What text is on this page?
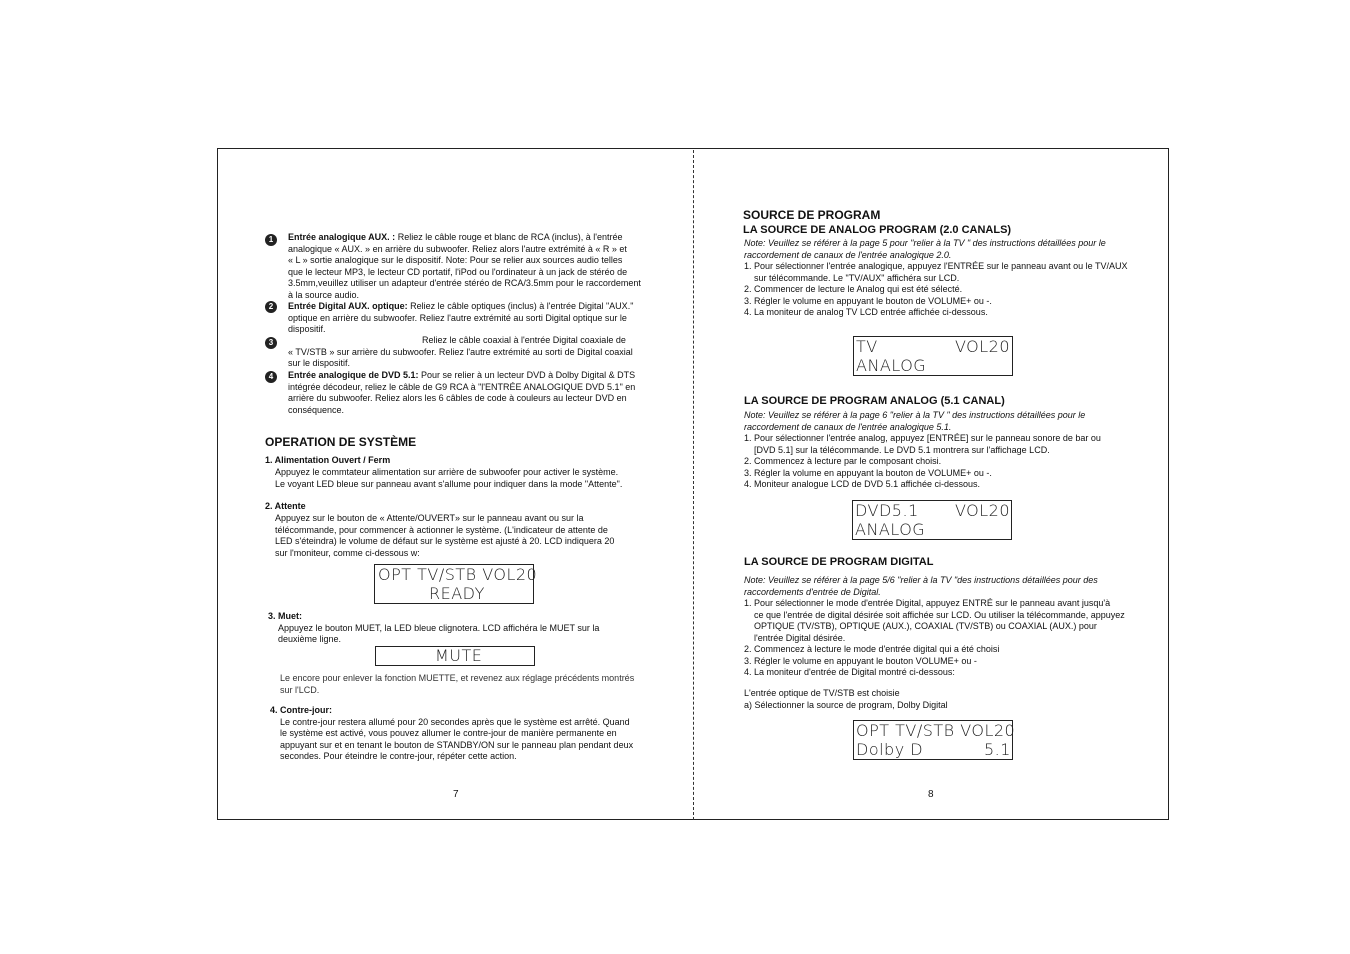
1	Entrée analogique AUX. : Reliez le câble rouge et blanc de RCA (inclus), à l'entrée
analogique « AUX. » en arrière du subwoofer. Reliez alors l'autre extrémité à « R » et
« L » sortie analogique sur le dispositif. Note: Pour se relier aux sources audio telles
que le lecteur MP3, le lecteur CD portatif, l'iPod ou l'ordinateur à un jack de stéréo de
3.5mm,veuillez utiliser un adapteur d'entrée stéréo de RCA/3.5mm pour le raccordement
à la source audio.
2	Entrée Digital AUX. optique: Reliez le câble optiques (inclus) à l'entrée Digital "AUX."
optique en arrière du subwoofer. Reliez l'autre extrémité au sorti Digital optique sur le
dispositif.
3	Reliez le câble coaxial à l'entrée Digital coaxiale de
« TV/STB » sur arrière du subwoofer. Reliez l'autre extrémité au sorti de Digital coaxial
sur le dispositif.
4	Entrée analogique de DVD 5.1: Pour se relier à un lecteur DVD à Dolby Digital & DTS
intégrée décodeur, reliez le câble de G9 RCA à "l'ENTRÉE ANALOGIQUE DVD 5.1" en
arrière du subwoofer. Reliez alors les 6 câbles de code à couleurs au lecteur DVD en
conséquence.
OPERATION DE SYSTÈME
1. Alimentation Ouvert / Ferm
Appuyez le commtateur alimentation sur arrière de subwoofer pour activer le système.
Le voyant LED bleue sur panneau avant s'allume pour indiquer dans la mode "Attente".
2. Attente
Appuyez sur le bouton de « Attente/OUVERT» sur le panneau avant ou sur la
télécommande, pour commencer à actionner le système. (L'indicateur de attente de
LED s'éteindra) le volume de défaut sur le système est ajusté à 20. LCD indiquera 20
sur l'moniteur, comme ci-dessous w:
OPT TV/STB VOL20
READY
3. Muet:
Appuyez le bouton MUET, la LED bleue clignotera. LCD affichéra le MUET sur la
deuxième ligne.
MUTE
Le encore pour enlever la fonction MUETTE, et revenez aux réglage précédents montrés
sur l'LCD.
4. Contre-jour:
Le contre-jour restera allumé pour 20 secondes après que le système est arrêté. Quand
le système est activé, vous pouvez allumer le contre-jour de manière permanente en
appuyant sur et en tenant le bouton de STANDBY/ON sur le panneau plan pendant deux
secondes. Pour éteindre le contre-jour, répéter cette action.
7
SOURCE DE PROGRAM
LA SOURCE DE ANALOG PROGRAM (2.0 CANALS)
Note: Veuillez se référer à la page 5 pour "relier à la TV " des instructions détaillées pour le
raccordement de canaux de l'entrée analogique 2.0.
1. Pour sélectionner l'entrée analogique, appuyez l'ENTRÉE sur le panneau avant ou le TV/AUX
sur télécommande. Le "TV/AUX" affichéra sur LCD.
2. Commencer de lecture le Analog qui est été sélecté.
3. Régler le volume en appuyant le bouton de VOLUME+ ou -.
4. La moniteur de analog TV LCD entrée affichée ci-dessous.
TV	VOL20
ANALOG
LA SOURCE DE PROGRAM ANALOG (5.1 CANAL)
Note: Veuillez se référer à la page 6 "relier à la TV " des instructions détaillées pour le
raccordement de canaux de l'entrée analogique 5.1.
1. Pour sélectionner l'entrée analog, appuyez [ENTRÉE] sur le panneau sonore de bar ou
[DVD 5.1] sur la télécommande. Le DVD 5.1 montrera sur l'affichage LCD.
2. Commencez à lecture par le composant choisi.
3. Régler la volume en appuyant la bouton de VOLUME+ ou -.
4. Moniteur analogue LCD de DVD 5.1 affichée ci-dessous.
DVD5.1 VOL20
ANALOG
LA SOURCE DE PROGRAM DIGITAL
Note: Veuillez se référer à la page 5/6 "relier à la TV "des instructions détaillées pour des
raccordements d'entrée de Digital.
1. Pour sélectionner le mode d'entrée Digital, appuyez ENTRÉ sur le panneau avant jusqu'à
ce que l'entrée de digital désirée soit affichée sur LCD. Ou utiliser la télécommande, appuyez
OPTIQUE (TV/STB), OPTIQUE (AUX.), COAXIAL (TV/STB) ou COAXIAL (AUX.) pour
l'entrée Digital désirée.
2. Commencez à lecture le mode d'entrée digital qui a été choisi
3. Régler le volume en appuyant le bouton VOLUME+ ou -
4. La moniteur d'entrée de Digital montré ci-dessous:
L'entrée optique de TV/STB est choisie
a) Sélectionner la source de program, Dolby Digital
OPT TV/STB VOL20
Dolby D	5.1
8
